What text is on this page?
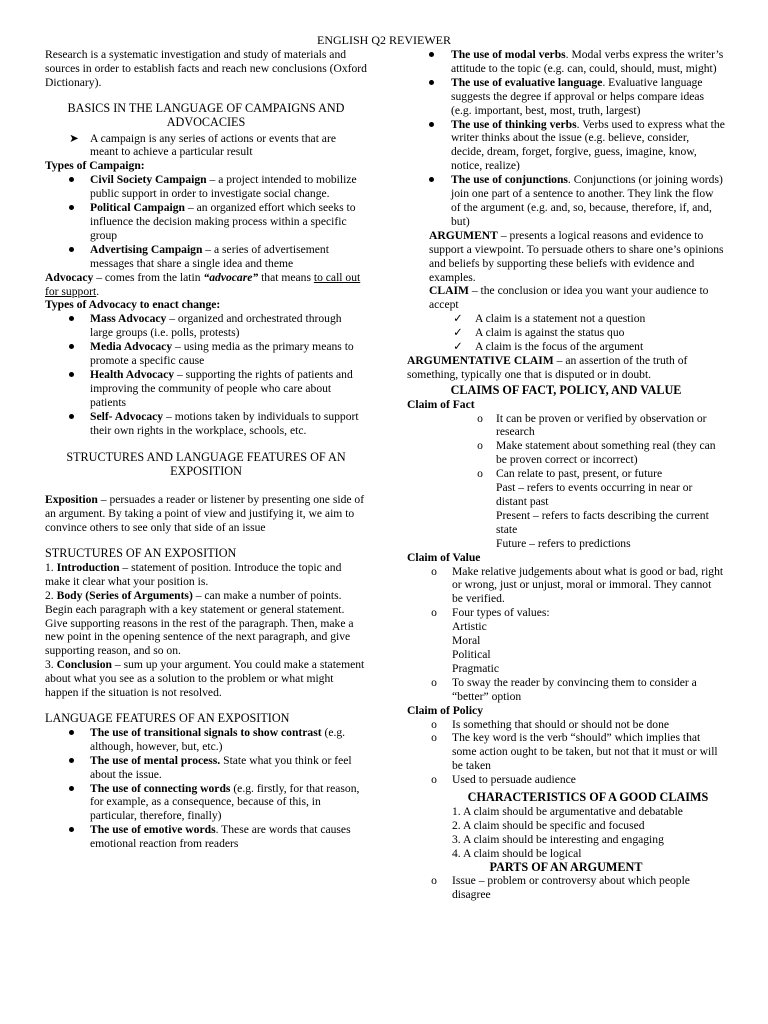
ENGLISH Q2 REVIEWER

Research is a systematic investigation and study of materials and sources in order to establish facts and reach new conclusions (Oxford Dictionary).

BASICS IN THE LANGUAGE OF CAMPAIGNS AND ADVOCACIES

➤ A campaign is any series of actions or events that are meant to achieve a particular result

Types of Campaign:

Civil Society Campaign – a project intended to mobilize public support in order to investigate social change.
Political Campaign – an organized effort which seeks to influence the decision making process within a specific group
Advertising Campaign – a series of advertisement messages that share a single idea and theme

Advocacy – comes from the latin “advocare” that means to call out for support.

Types of Advocacy to enact change:

Mass Advocacy – organized and orchestrated through large groups (i.e. polls, protests)
Media Advocacy – using media as the primary means to promote a specific cause
Health Advocacy – supporting the rights of patients and improving the community of people who care about patients
Self- Advocacy – motions taken by individuals to support their own rights in the workplace, schools, etc.

STRUCTURES AND LANGUAGE FEATURES OF AN EXPOSITION

Exposition – persuades a reader or listener by presenting one side of an argument. By taking a point of view and justifying it, we aim to convince others to see only that side of an issue

STRUCTURES OF AN EXPOSITION

1. Introduction – statement of position. Introduce the topic and make it clear what your position is.

2. Body (Series of Arguments) – can make a number of points. Begin each paragraph with a key statement or general statement. Give supporting reasons in the rest of the paragraph. Then, make a new point in the opening sentence of the next paragraph, and give supporting reason, and so on.

3. Conclusion – sum up your argument. You could make a statement about what you see as a solution to the problem or what might happen if the situation is not resolved.

LANGUAGE FEATURES OF AN EXPOSITION

The use of transitional signals to show contrast (e.g. although, however, but, etc.)
The use of mental process. State what you think or feel about the issue.
The use of connecting words (e.g. firstly, for that reason, for example, as a consequence, because of this, in particular, therefore, finally)
The use of emotive words. These are words that causes emotional reaction from readers
The use of modal verbs. Modal verbs express the writer’s attitude to the topic (e.g. can, could, should, must, might)
The use of evaluative language. Evaluative language suggests the degree if approval or helps compare ideas (e.g. important, best, most, truth, largest)
The use of thinking verbs. Verbs used to express what the writer thinks about the issue (e.g. believe, consider, decide, dream, forget, forgive, guess, imagine, know, notice, realize)
The use of conjunctions. Conjunctions (or joining words) join one part of a sentence to another. They link the flow of the argument (e.g. and, so, because, therefore, if, and, but)

ARGUMENT – presents a logical reasons and evidence to support a viewpoint. To persuade others to share one’s opinions and beliefs by supporting these beliefs with evidence and examples.

CLAIM – the conclusion or idea you want your audience to accept

✓ A claim is a statement not a question
✓ A claim is against the status quo
✓ A claim is the focus of the argument

ARGUMENTATIVE CLAIM – an assertion of the truth of something, typically one that is disputed or in doubt.

CLAIMS OF FACT, POLICY, AND VALUE

Claim of Fact

o	It can be proven or verified by observation or research
o	Make statement about something real (they can be proven correct or incorrect)
o	Can relate to past, present, or future

Past – refers to events occurring in near or distant past

Present – refers to facts describing the current state

Future – refers to predictions

Claim of Value

o	Make relative judgements about what is good or bad, right or wrong, just or unjust, moral or immoral. They cannot be verified.
o	Four types of values:

Artistic

Moral

Political

Pragmatic

o	To sway the reader by convincing them to consider a “better” option

Claim of Policy

o	Is something that should or should not be done
o	The key word is the verb “should” which implies that some action ought to be taken, but not that it must or will be taken
o	Used to persuade audience

CHARACTERISTICS OF A GOOD CLAIMS

1. A claim should be argumentative and debatable

2. A claim should be specific and focused

3. A claim should be interesting and engaging

4. A claim should be logical

PARTS OF AN ARGUMENT

o	Issue – problem or controversy about which people disagree
